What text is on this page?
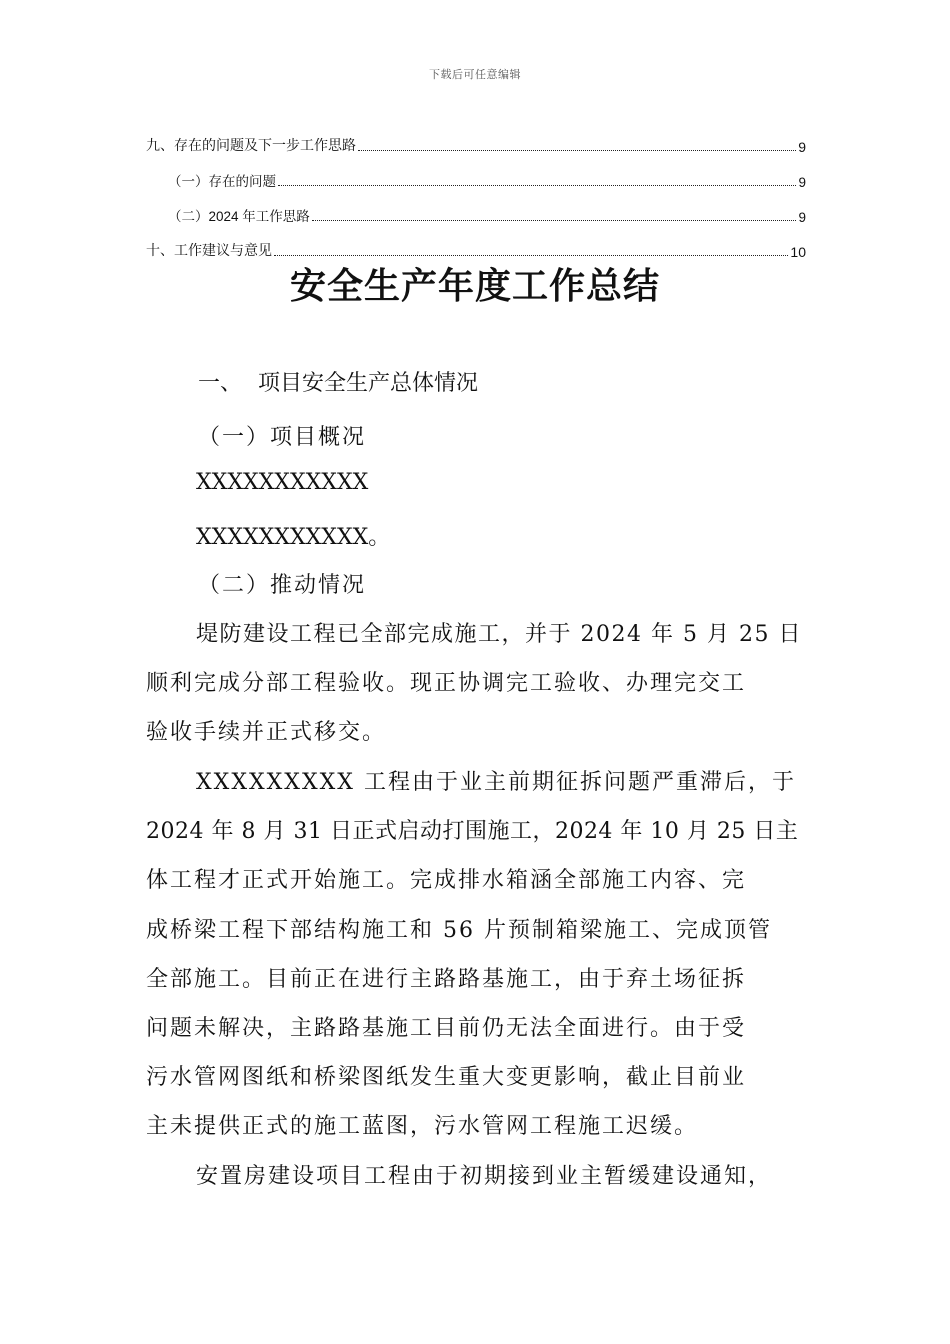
下载后可任意编辑
九、存在的问题及下一步工作思路	9
（一）存在的问题	9
（二）2024 年工作思路	9
十、工作建议与意见	10
安全生产年度工作总结
一、 项目安全生产总体情况
（一）项目概况
XXXXXXXXXXX
XXXXXXXXXXX。
（二）推动情况
堤防建设工程已全部完成施工，并于 2024 年 5 月 25 日
顺利完成分部工程验收。现正协调完工验收、办理完交工
验收手续并正式移交。
XXXXXXXXX 工程由于业主前期征拆问题严重滞后，于
2024 年 8 月 31 日正式启动打围施工，2024 年 10 月 25 日主
体工程才正式开始施工。完成排水箱涵全部施工内容、完
成桥梁工程下部结构施工和 56 片预制箱梁施工、完成顶管
全部施工。目前正在进行主路路基施工，由于弃土场征拆
问题未解决，主路路基施工目前仍无法全面进行。由于受
污水管网图纸和桥梁图纸发生重大变更影响，截止目前业
主未提供正式的施工蓝图，污水管网工程施工迟缓。
安置房建设项目工程由于初期接到业主暂缓建设通知，
